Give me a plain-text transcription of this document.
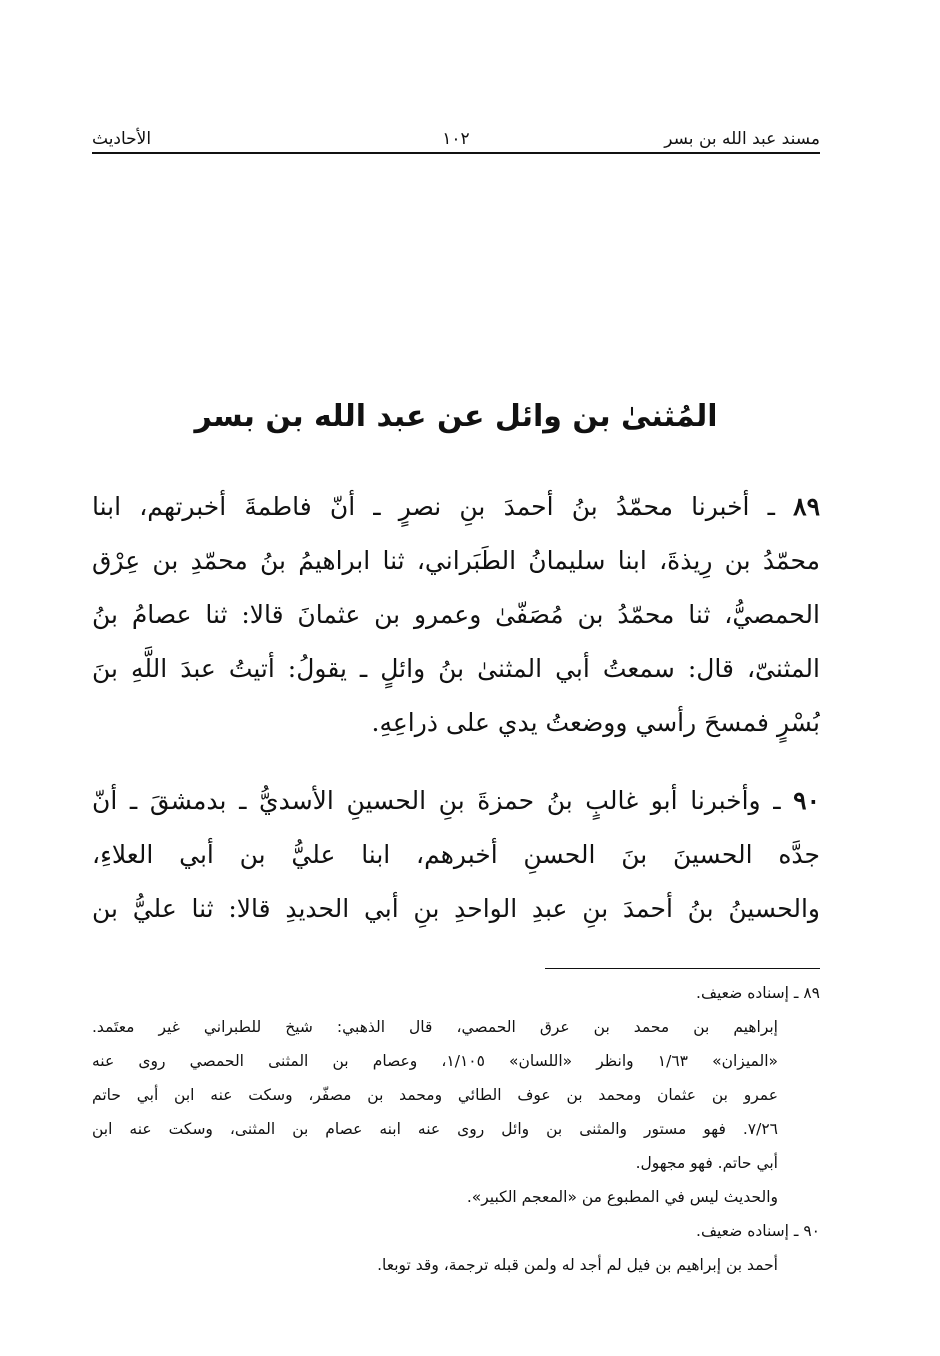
مسند عبد الله بن بسر
١٠٢
الأحاديث
المُثنىٰ بن وائل عن عبد الله بن بسر
٨٩ ـ أخبرنا محمّدُ بنُ أحمدَ بنِ نصرٍ ـ أنّ فاطمةَ أخبرتهم، ابنا
محمّدُ بن رِيذةَ، ابنا سليمانُ الطَبَراني، ثنا ابراهيمُ بنُ محمّدِ بن عِرْق
الحمصيُّ، ثنا محمّدُ بن مُصَفّىٰ وعمرو بن عثمانَ قالا: ثنا عصامُ بنُ
المثنىّ، قال: سمعتُ أبي المثنىٰ بنُ وائلٍ ـ يقولُ: أتيتُ عبدَ اللَّهِ بنَ
بُسْرٍ فمسحَ رأسي ووضعتُ يدي على ذراعِهِ.
٩٠ ـ وأخبرنا أبو غالبٍ بنُ حمزةَ بنِ الحسينِ الأسديُّ ـ بدمشقَ ـ أنّ
جدَّه الحسينَ بنَ الحسنِ أخبرهم، ابنا عليُّ بن أبي العلاءِ،
والحسينُ بنُ أحمدَ بنِ عبدِ الواحدِ بنِ أبي الحديدِ قالا: ثنا عليُّ بن
٨٩ ـ إسناده ضعيف.
إبراهيم بن محمد بن عرق الحمصي، قال الذهبي: شيخ للطبراني غير معتَمد.
«الميزان» ١/٦٣ وانظر «اللسان» ١/١٠٥، وعصام بن المثنى الحمصي روى عنه
عمرو بن عثمان ومحمد بن عوف الطائي ومحمد بن مصفّر، وسكت عنه ابن أبي حاتم
٧/٢٦. فهو مستور والمثنى بن وائل روى عنه ابنه عصام بن المثنى، وسكت عنه ابن
أبي حاتم. فهو مجهول.
والحديث ليس في المطبوع من «المعجم الكبير».
٩٠ ـ إسناده ضعيف.
أحمد بن إبراهيم بن فيل لم أجد له ولمن قبله ترجمة، وقد توبعا.
